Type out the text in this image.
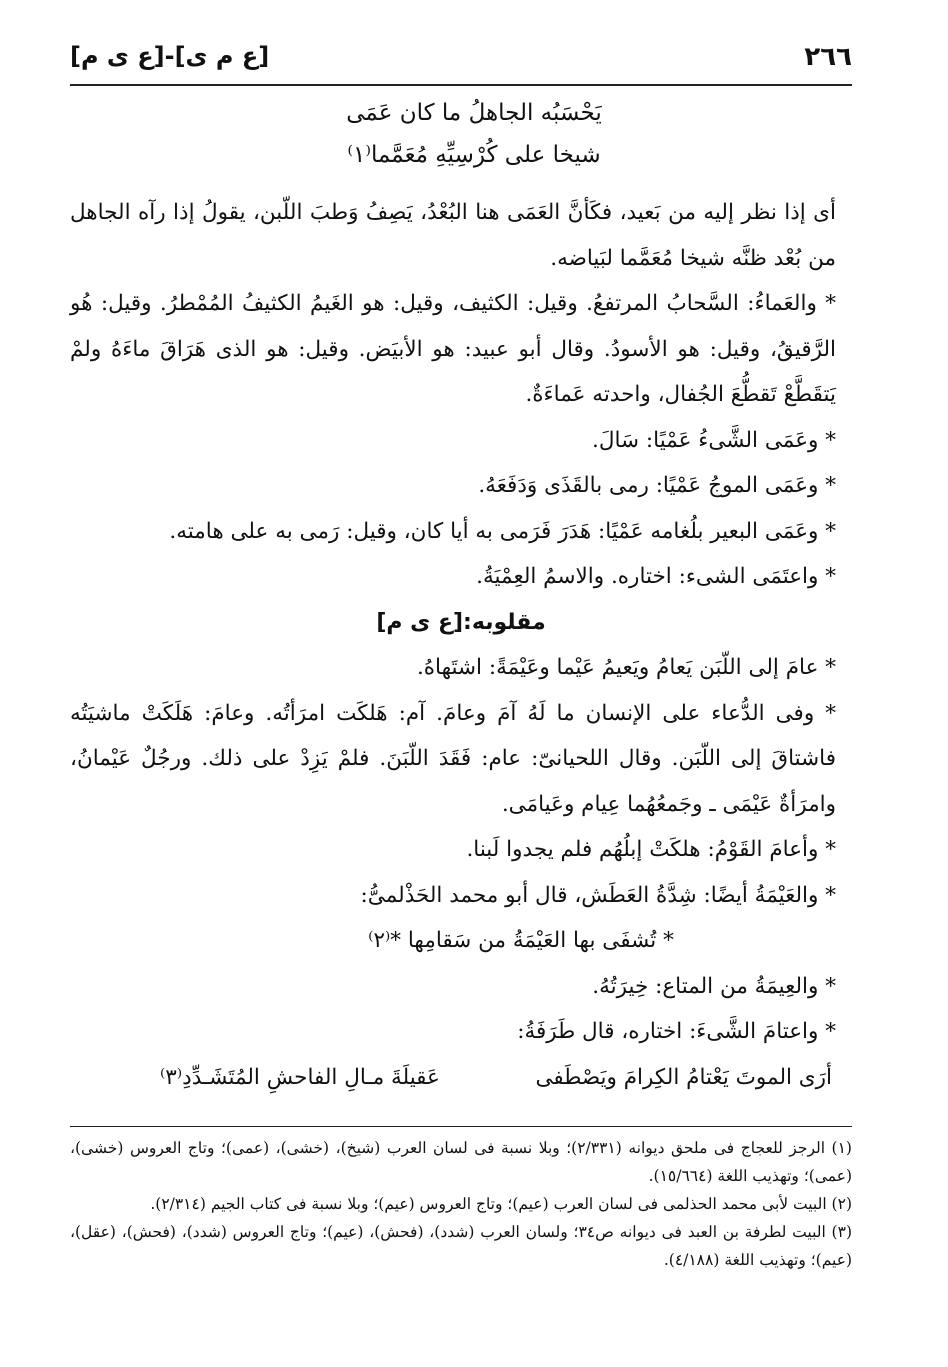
٢٦٦
[ع م ى]-[ع ى م]
يَحْسَبُه الجاهلُ ما كان عَمَى
شيخا على كُرْسِيِّهِ مُعَمَّما⁽١⁾

أى إذا نظر إليه من بَعيد، فكَأنَّ العَمَى هنا البُعْدُ، يَصِفُ وَطبَ اللّبن، يقولُ إذا رآه الجاهل من بُعْد ظنَّه شيخا مُعَمَّما لبَياضه.

* والعَماءُ: السَّحابُ المرتفعُ. وقيل: الكثيف، وقيل: هو الغَيمُ الكثيفُ المُمْطرُ. وقيل: هُو الرَّقيقُ، وقيل: هو الأسودُ. وقال أبو عبيد: هو الأبيَض. وقيل: هو الذى هَرَاقَ ماءَهُ ولمْ يَتقَطَّعْ تَقطُّعَ الجُفال، واحدته عَماءَةٌ.

* وعَمَى الشَّىءُ عَمْيًا: سَالَ.

* وعَمَى الموجُ عَمْيًا: رمى بالقَذَى وَدَفَعَهُ.

* وعَمَى البعير بلُغامه عَمْيًا: هَدَرَ فَرَمى به أيا كان، وقيل: رَمى به على هامته.

* واعتَمَى الشىء: اختاره. والاسمُ العِمْيَةُ.

مقلوبه:[ع ى م]

* عامَ إلى اللّبَن يَعامُ ويَعيمُ عَيْما وعَيْمَةً: اشتَهاهُ.

* وفى الدُّعاء على الإنسان ما لَهُ آمَ وعامَ. آم: هَلكَت امرَأتُه. وعامَ: هَلَكَتْ ماشيَتُه فاشتاقَ إلى اللّبَن. وقال اللحيانىّ: عام: فَقَدَ اللّبَنَ. فلمْ يَزِدْ على ذلك. ورجُلٌ عَيْمانُ، وامرَأةٌ عَيْمَى ـ وجَمعُهُما عِيام وعَيامَى.

* وأعامَ القَوْمُ: هلكَتْ إبلُهُم فلم يجدوا لَبنا.

* والعَيْمَةُ أيضًا: شِدَّةُ العَطَش، قال أبو محمد الحَذْلمىُّ:

* تُشفَى بها العَيْمَةُ من سَقامِها *⁽٢⁾

* والعِيمَةُ من المتاع: خِيرَتُهُ.

* واعتامَ الشَّىءَ: اختاره، قال طَرَفَةُ:

أرَى الموتَ يَعْتامُ الكِرامَ ويَصْطَفى
عَقيلَةَ مـالِ الفاحشِ المُتَشَـدِّدِ⁽٣⁾

(١) الرجز للعجاج فى ملحق ديوانه (٢/٣٣١)؛ وبلا نسبة فى لسان العرب (شيخ)، (خشى)، (عمى)؛ وتاج العروس (خشى)، (عمى)؛ وتهذيب اللغة (١٥/٦٦٤).

(٢) البيت لأبى محمد الحذلمى فى لسان العرب (عيم)؛ وتاج العروس (عيم)؛ وبلا نسبة فى كتاب الجيم (٢/٣١٤).

(٣) البيت لطرفة بن العبد فى ديوانه ص٣٤؛ ولسان العرب (شدد)، (فحش)، (عيم)؛ وتاج العروس (شدد)، (فحش)، (عقل)، (عيم)؛ وتهذيب اللغة (٤/١٨٨).
